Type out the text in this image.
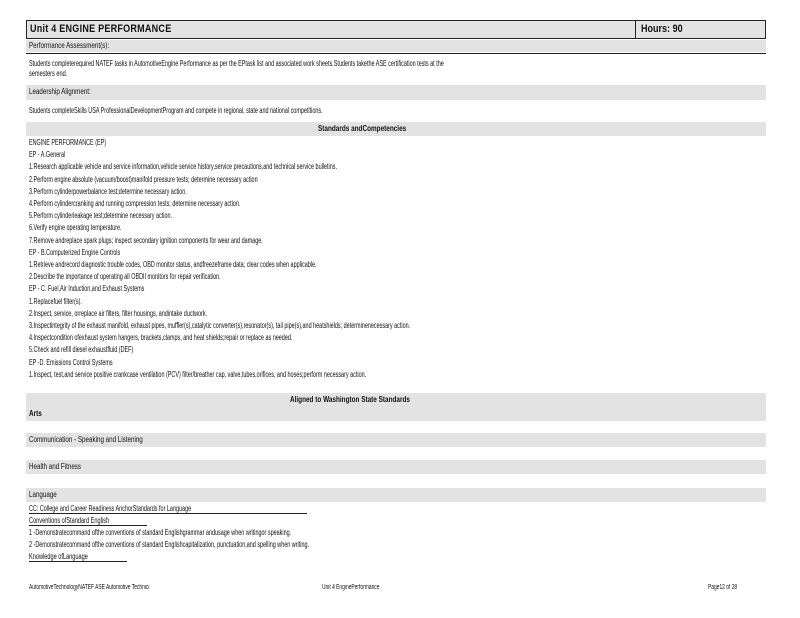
Unit 4 ENGINE PERFORMANCE	Hours: 90
Performance Assessment(s):
Students completerequired NATEF tasks in AutomotiveEngine Performance as per the EPtask list and associated work sheets.Students takethe ASE certification tests at the
semesters end.
Leadership Alignment:
Students completeSkills USA ProfessionalDevelopmentProgram and compete in regional, state and national competitions.
Standards andCompetencies
ENGINE PERFORMANCE (EP)
EP - A.General
1.Research applicable vehicle and service information,vehicle service history,service precautions,and technical service bulletins.
2.Perform engine absolute (vacuum/boost)manifold pressure tests; determine necessary action
3.Perform cylinderpowerbalance test;determine necessary action.
4.Perform cylindercranking and running compression tests; determine necessary action.
5.Perform cylinderleakage test;determine necessary action.
6.Verify engine operating temperature.
7.Remove andreplace spark plugs; inspect secondary ignition components for wear and damage.
EP - B.Computerized Engine Controls
1.Retrieve andrecord diagnostic trouble codes, OBD monitor status, andfreezeframe data; clear codes when applicable.
2.Describe the importance of operating all OBDII monitors for repair verification.
EP - C. Fuel,Air Induction,and Exhaust Systems
1.Replacefuel filter(s).
2.Inspect, service, orreplace air filters, filter housings, andintake ductwork.
3.Inspectintegrity of the exhaust manifold, exhaust pipes, muffler(s),catalytic converter(s),resonator(s), tail pipe(s),and heatshields; determinenecessary action.
4.Inspectcondition ofexhaust system hangers, brackets,clamps, and heat shields;repair or replace as needed.
5.Check and refill diesel exhaustfluid (DEF)
EP -D. Emissions Control Systems
1.Inspect, test,and service positive crankcase ventilation (PCV) filter/breather cap, valve,tubes,orifices, and hoses;perform necessary action.
Aligned to Washington State Standards
Arts
Communication - Speaking and Listening
Health and Fitness
Language
CC: College and Career Readiness AnchorStandards for Language
Conventions ofStandard English
1 -Demonstratecommand ofthe conventions of standard Englishgrammar andusage when writingor speaking.
2 -Demonstratecommand ofthe conventions of standard Englishcapitalization, punctuation,and spelling when writing.
Knowledge ofLanguage
AutomotiveTechnologyNATEF ASE Automotive Technici	Unit 4 EnginePerformance	Page12 of 28
